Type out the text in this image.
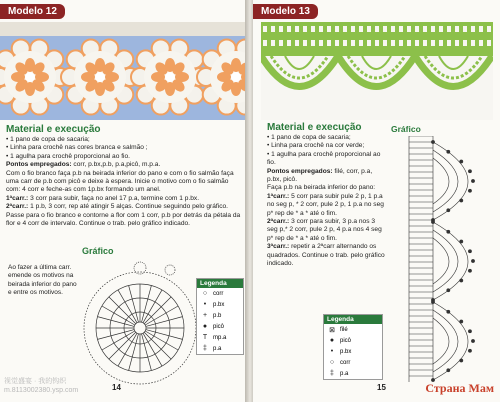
Modelo 12
Material e execução

• 1 pano de copa de sacaria;

• Linha para crochê nas cores branca e salmão ;

• 1 agulha para crochê proporcional ao fio.

Pontos empregados: corr, p.bx,p.b, p.a,picô, m.p.a.

Com o fio branco faça p.b na beirada inferior do pano e com o fio salmão faça uma carr de p.b com picô e deixe à espera. Inicie o motivo com o fio salmão com: 4 corr e feche-as com 1p.bx formando um anel.

1ªcarr.: 3 corr para subir, faça no anel 17 p.a, termine com 1 p.bx.

2ªcarr.: 1 p.b, 3 corr, rep até atingir 5 alças. Continue seguindo pelo gráfico. Passe para o fio branco e contorne a flor com 1 corr, p.b por detrás da pétala da flor e 4 corr de intervalo. Continue o trab. pelo gráfico indicado.

Gráfico
Ao fazer a última carr. emende os motivos na beirada inferior do pano e entre os motivos.
Legenda
○ corr
•	p.bx
+ p.b
● picô
T mp.a
‡	p.a
14
视觉盛宴 · 我的钩织
m.8113002380.ysp.com
Modelo 13
Material e execução	Gráfico

• 1 pano de copa de sacaria;

• Linha para crochê na cor verde;

• 1 agulha para crochê proporcional ao fio.

Pontos empregados: filé, corr, p.a, p.bx, picô.

Faça p.b na beirada inferior do pano:

1ªcarr.: 5 corr para subir pule 2 p, 1 p.a no seg p, * 2 corr, pule 2 p, 1 p.a no seg p* rep de * a * até o fim.

2ªcarr.: 3 corr para subir, 3 p.a nos 3 seg p,* 2 corr, pule 2 p, 4 p.a nos 4 seg p* rep de * a * até o fim.

3ªcarr.: repetir a 2ªcarr alternando os quadrados. Continue o trab. pelo gráfico indicado.

Legenda
⊠ filé
● picô
•	p.bx
○ corr
‡	p.a
15	Страна Мам
